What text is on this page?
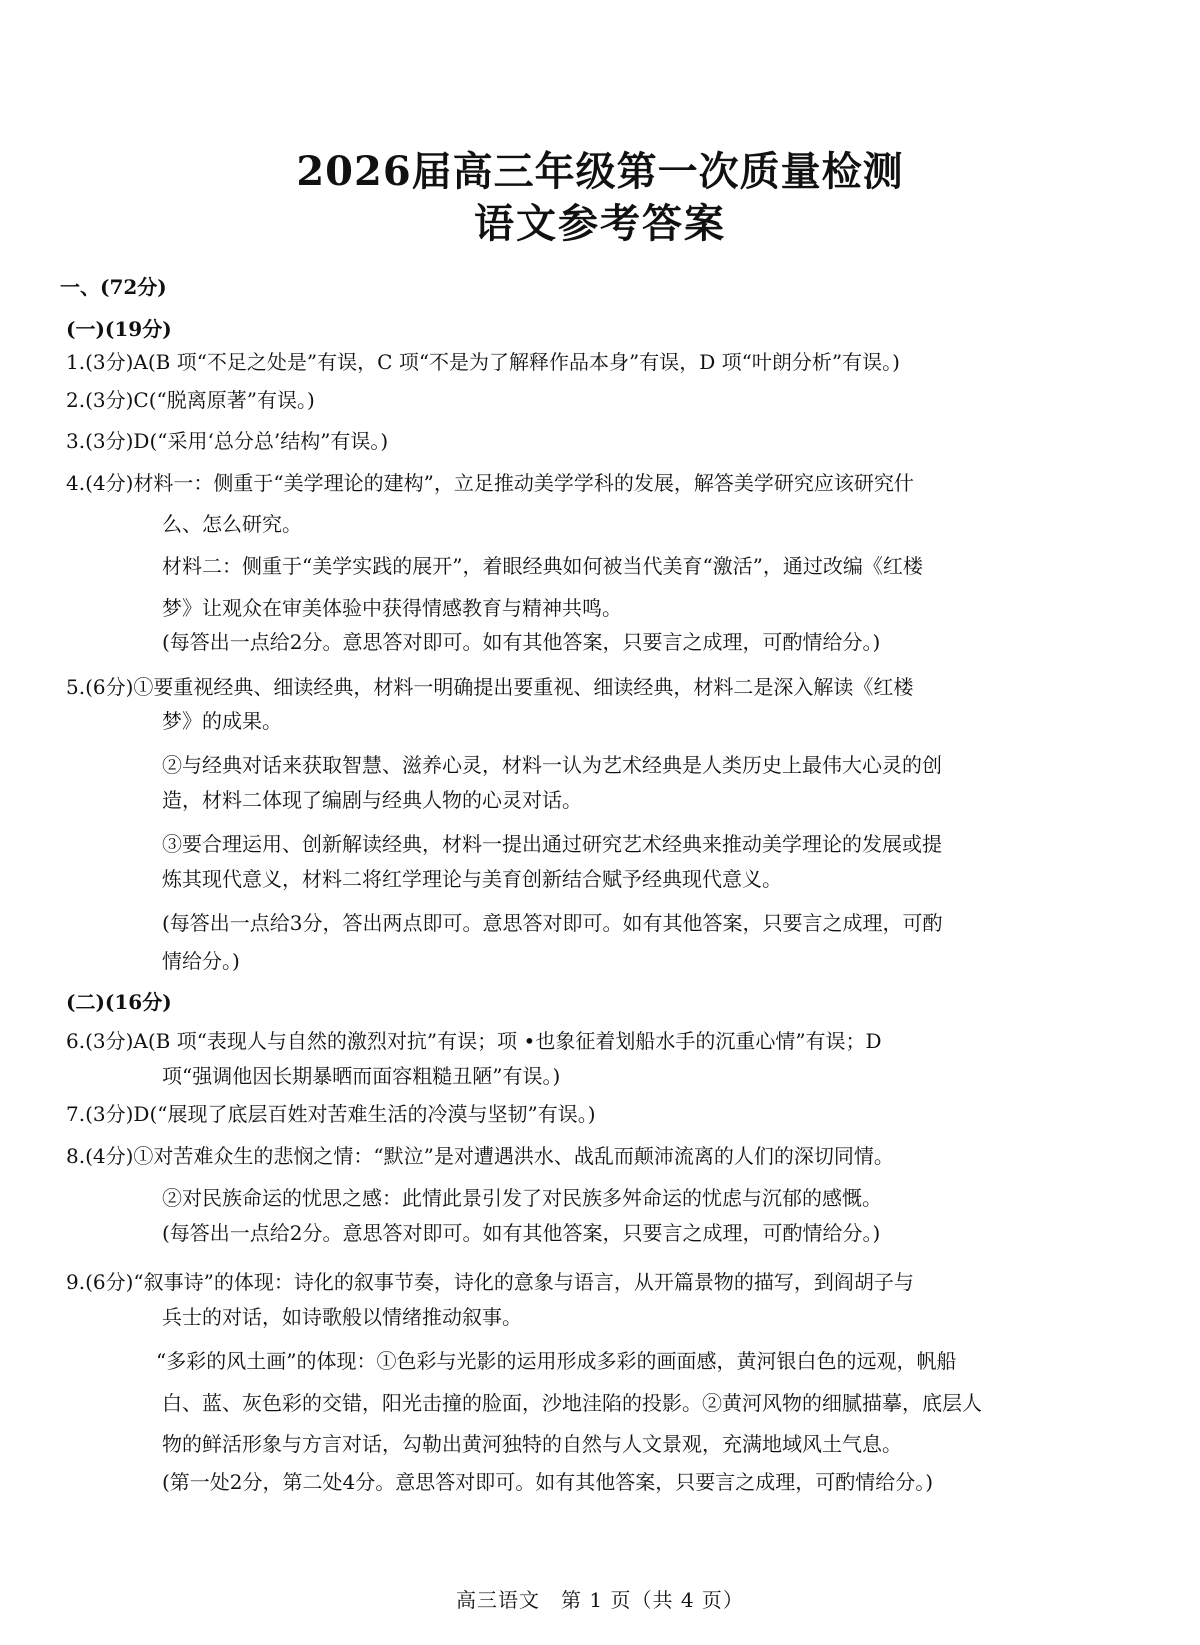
2026届高三年级第一次质量检测
语文参考答案
一、(72分)
(一)(19分)
1.(3分)A(B 项“不足之处是”有误，C 项“不是为了解释作品本身”有误，D 项“叶朗分析”有误。)
2.(3分)C(“脱离原著”有误。)
3.(3分)D(“采用‘总分总’结构”有误。)
4.(4分)材料一：侧重于“美学理论的建构”，立足推动美学学科的发展，解答美学研究应该研究什
么、怎么研究。
材料二：侧重于“美学实践的展开”，着眼经典如何被当代美育“激活”，通过改编《红楼
梦》让观众在审美体验中获得情感教育与精神共鸣。
(每答出一点给2分。意思答对即可。如有其他答案，只要言之成理，可酌情给分。)
5.(6分)①要重视经典、细读经典，材料一明确提出要重视、细读经典，材料二是深入解读《红楼
梦》的成果。
②与经典对话来获取智慧、滋养心灵，材料一认为艺术经典是人类历史上最伟大心灵的创
造，材料二体现了编剧与经典人物的心灵对话。
③要合理运用、创新解读经典，材料一提出通过研究艺术经典来推动美学理论的发展或提
炼其现代意义，材料二将红学理论与美育创新结合赋予经典现代意义。
(每答出一点给3分，答出两点即可。意思答对即可。如有其他答案，只要言之成理，可酌
情给分。)
(二)(16分)
6.(3分)A(B 项“表现人与自然的激烈对抗”有误；项 •也象征着划船水手的沉重心情”有误；D
项“强调他因长期暴晒而面容粗糙丑陋”有误。)
7.(3分)D(“展现了底层百姓对苦难生活的冷漠与坚韧”有误。)
8.(4分)①对苦难众生的悲悯之情：“默泣”是对遭遇洪水、战乱而颠沛流离的人们的深切同情。
②对民族命运的忧思之感：此情此景引发了对民族多舛命运的忧虑与沉郁的感慨。
(每答出一点给2分。意思答对即可。如有其他答案，只要言之成理，可酌情给分。)
9.(6分)“叙事诗”的体现：诗化的叙事节奏，诗化的意象与语言，从开篇景物的描写，到阎胡子与
兵士的对话，如诗歌般以情绪推动叙事。
“多彩的风土画”的体现：①色彩与光影的运用形成多彩的画面感，黄河银白色的远观，帆船
白、蓝、灰色彩的交错，阳光击撞的脸面，沙地洼陷的投影。②黄河风物的细腻描摹，底层人
物的鲜活形象与方言对话，勾勒出黄河独特的自然与人文景观，充满地域风土气息。
(第一处2分，第二处4分。意思答对即可。如有其他答案，只要言之成理，可酌情给分。)
高三语文　第 1 页（共 4 页）
